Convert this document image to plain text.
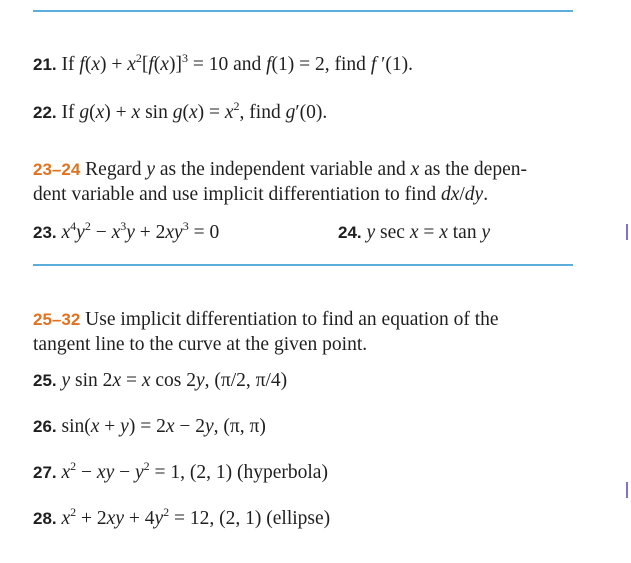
21. If $f(x) + x^2[f(x)]^3 = 10$ and f(1) = 2, find f ′(1).
22. If g(x) + x $\sin g(x) = x^2$, find g′(0).
23–24 Regard y as the independent variable and x as the depen-
dent variable and use implicit differentiation to find dx/dy.
23. $x^4y^2 - x^3y + 2xy^3 = 0$	24. y sec x = x tan y
25–32 Use implicit differentiation to find an equation of the
tangent line to the curve at the given point.
25. y sin 2x = x cos 2y, (π/2, π/4)
26. sin(x + y) = 2x − 2y, (π, π)
27. $x^2$ − xy − $y^2 = 1$, (2, 1) (hyperbola)
28. $x^2 + 2xy + 4y^2 = 12$, (2, 1) (ellipse)
